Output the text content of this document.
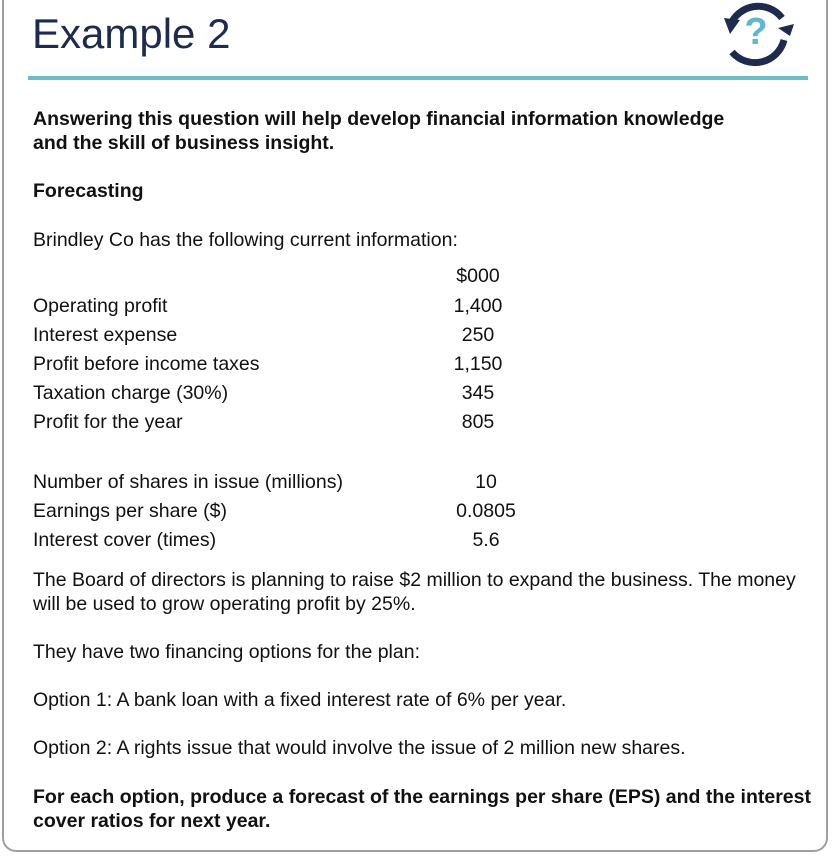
Example 2	?

Answering this question will help develop financial information knowledge and the skill of business insight.

Forecasting

Brindley Co has the following current information:

$000
Operating profit	1,400
Interest expense	250
Profit before income taxes	1,150
Taxation charge (30%)	345
Profit for the year	805
Number of shares in issue (millions)	10
Earnings per share ($)	0.0805
Interest cover (times)	5.6

The Board of directors is planning to raise $2 million to expand the business. The money will be used to grow operating profit by 25%.

They have two financing options for the plan:

Option 1: A bank loan with a fixed interest rate of 6% per year.

Option 2: A rights issue that would involve the issue of 2 million new shares.

For each option, produce a forecast of the earnings per share (EPS) and the interest cover ratios for next year.
